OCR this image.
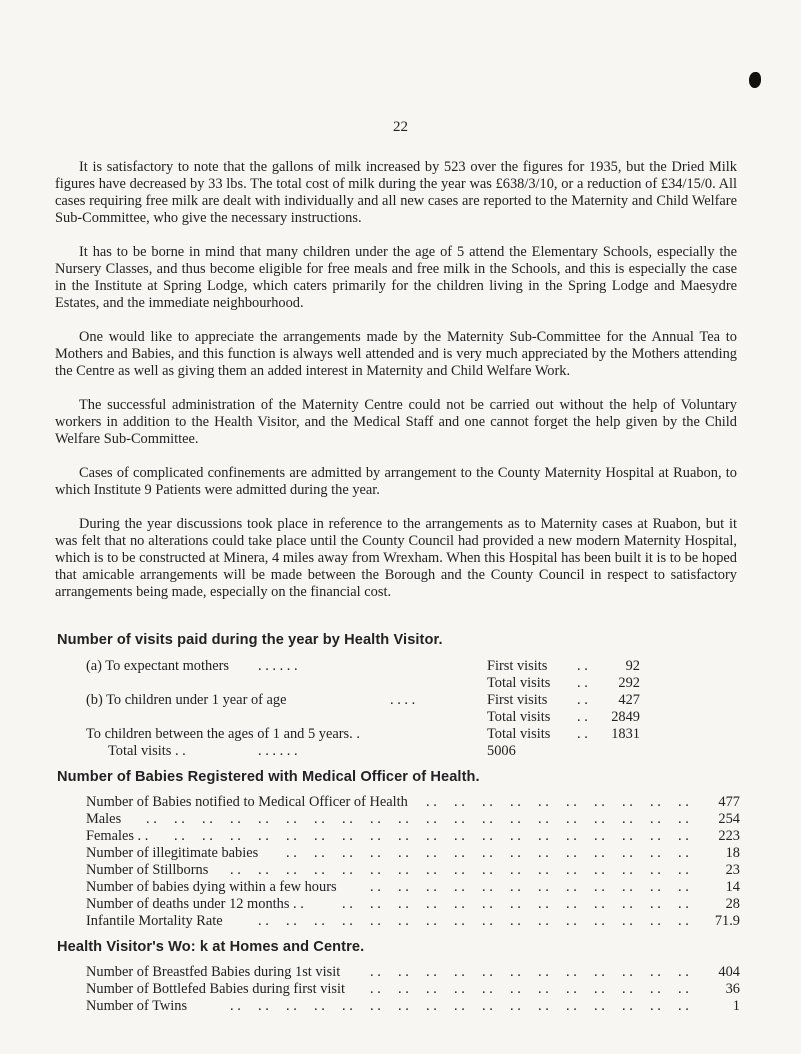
22

It is satisfactory to note that the gallons of milk increased by 523 over the figures for 1935, but the Dried Milk figures have decreased by 33 lbs. The total cost of milk during the year was £638/3/10, or a reduction of £34/15/0. All cases requiring free milk are dealt with individually and all new cases are reported to the Maternity and Child Welfare Sub-Committee, who give the necessary instructions.

It has to be borne in mind that many children under the age of 5 attend the Elementary Schools, especially the Nursery Classes, and thus become eligible for free meals and free milk in the Schools, and this is especially the case in the Institute at Spring Lodge, which caters primarily for the children living in the Spring Lodge and Maesydre Estates, and the immediate neighbourhood.

One would like to appreciate the arrangements made by the Maternity Sub-Committee for the Annual Tea to Mothers and Babies, and this function is always well attended and is very much appreciated by the Mothers attending the Centre as well as giving them an added interest in Maternity and Child Welfare Work.

The successful administration of the Maternity Centre could not be carried out without the help of Voluntary workers in addition to the Health Visitor, and the Medical Staff and one cannot forget the help given by the Child Welfare Sub-Committee.

Cases of complicated confinements are admitted by arrangement to the County Maternity Hospital at Ruabon, to which Institute 9 Patients were admitted during the year.

During the year discussions took place in reference to the arrangements as to Maternity cases at Ruabon, but it was felt that no alterations could take place until the County Council had provided a new modern Maternity Hospital, which is to be constructed at Minera, 4 miles away from Wrexham. When this Hospital has been built it is to be hoped that amicable arrangements will be made between the Borough and the County Council in respect to satisfactory arrangements being made, especially on the financial cost.

Number of visits paid during the year by Health Visitor.
(a) To expectant mothers . . . . . .	First visits . .	92
Total visits . .	292
(b) To children under 1 year of age	. . . .	First visits . .	427
Total visits . .	2849
To children between the ages of 1 and 5 years. .	Total visits . .	1831
Total visits . .	. . . . . .	5006
Number of Babies Registered with Medical Officer of Health.
Number of Babies notified to Medical Officer of Health	477
Males	254
Females . .	223
Number of illegitimate babies	18
Number of Stillborns	23
Number of babies dying within a few hours	14
Number of deaths under 12 months . .	28
Infantile Mortality Rate	71.9
Health Visitor's Wo: k at Homes and Centre.
Number of Breastfed Babies during 1st visit	404
Number of Bottlefed Babies during first visit	36
Number of Twins	1
. . . . . . . . . . . . . . . . . . . .
. . . . . . . . . . . . . . . . . . . . . . . . . . . . . . . . . . . . . . . .
. . . . . . . . . . . . . . . . . . . . . . . . . . . . . . . . . . . . . .
. . . . . . . . . . . . . . . . . . . . . . . . . . . . . .
. . . . . . . . . . . . . . . . . . . . . . . . . . . . . . . . . .
. . . . . . . . . . . . . . . . . . . . . . . .
. . . . . . . . . . . . . . . . . . . . . . . . . .
. . . . . . . . . . . . . . . . . . . . . . . . . . . . . . . .
. . . . . . . . . . . . . . . . . . . . . . . .
. . . . . . . . . . . . . . . . . . . . . . . .
. . . . . . . . . . . . . . . . . . . . . . . . . . . . . . . . . .
